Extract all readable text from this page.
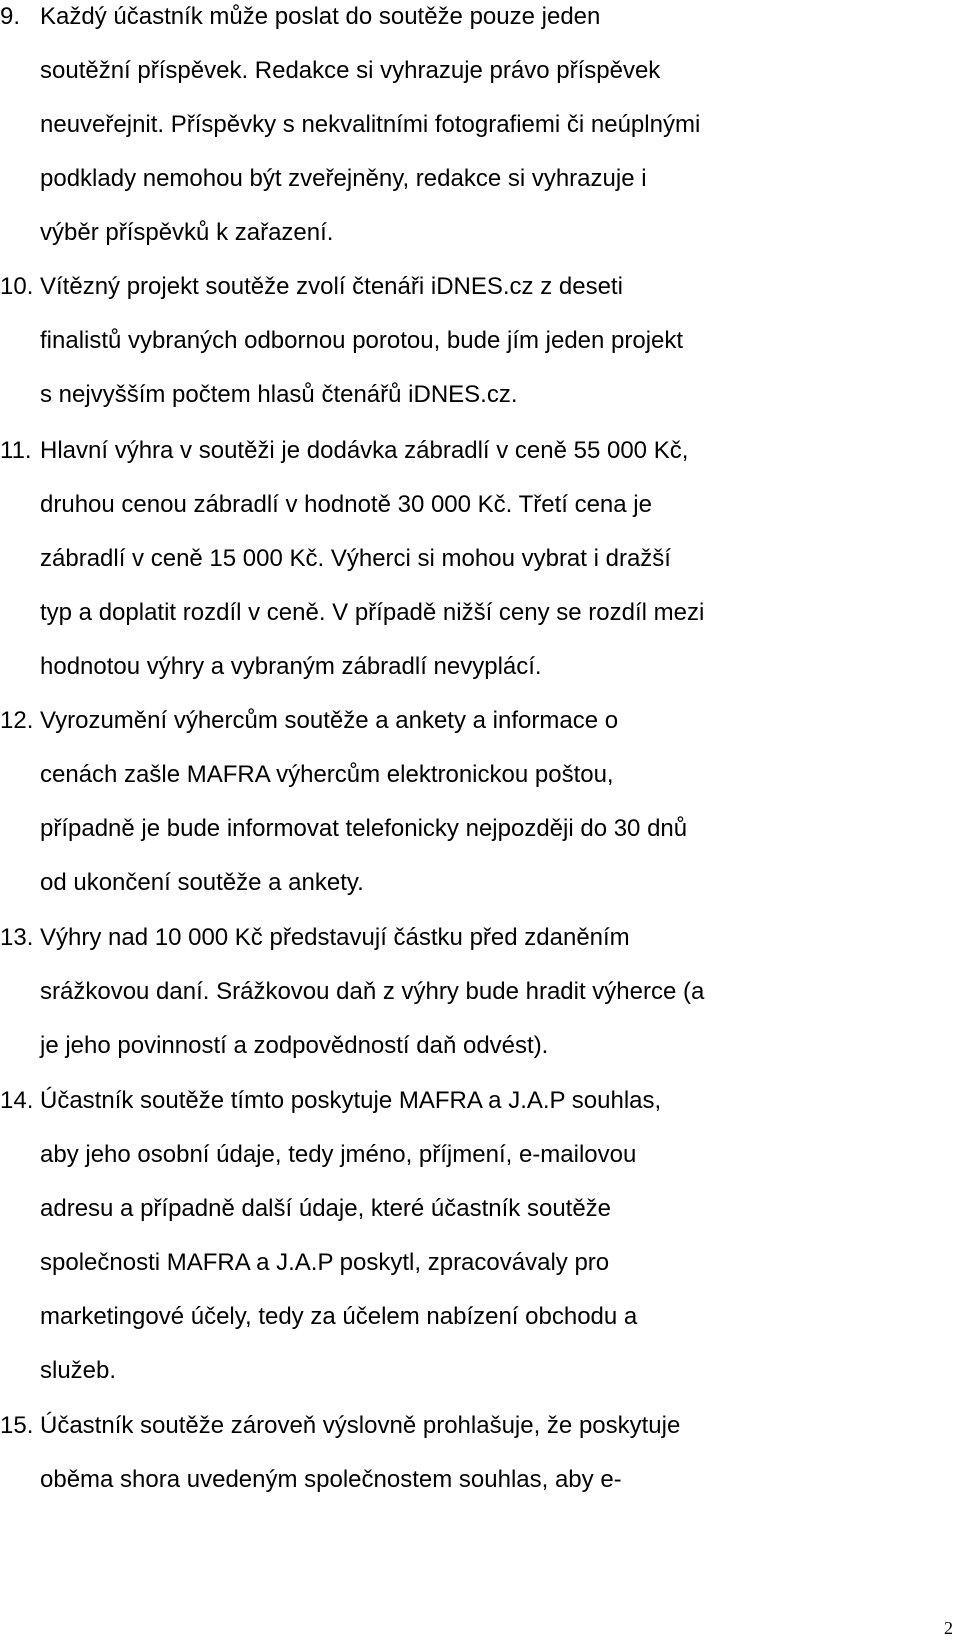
9. Každý účastník může poslat do soutěže pouze jeden
soutěžní příspěvek. Redakce si vyhrazuje právo příspěvek
neuveřejnit. Příspěvky s nekvalitními fotografiemi či neúplnými
podklady nemohou být zveřejněny, redakce si vyhrazuje i
výběr příspěvků k zařazení.
10. Vítězný projekt soutěže zvolí čtenáři iDNES.cz z deseti
finalistů vybraných odbornou porotou, bude jím jeden projekt
s nejvyšším počtem hlasů čtenářů iDNES.cz.
11. Hlavní výhra v soutěži je dodávka zábradlí v ceně 55 000 Kč,
druhou cenou zábradlí v hodnotě 30 000 Kč. Třetí cena je
zábradlí v ceně 15 000 Kč. Výherci si mohou vybrat i dražší
typ a doplatit rozdíl v ceně. V případě nižší ceny se rozdíl mezi
hodnotou výhry a vybraným zábradlí nevyplácí.
12. Vyrozumění výhercům soutěže a ankety a informace o
cenách zašle MAFRA výhercům elektronickou poštou,
případně je bude informovat telefonicky nejpozději do 30 dnů
od ukončení soutěže a ankety.
13. Výhry nad 10 000 Kč představují částku před zdaněním
srážkovou daní. Srážkovou daň z výhry bude hradit výherce (a
je jeho povinností a zodpovědností daň odvést).
14. Účastník soutěže tímto poskytuje MAFRA a J.A.P souhlas,
aby jeho osobní údaje, tedy jméno, příjmení, e-mailovou
adresu a případně další údaje, které účastník soutěže
společnosti MAFRA a J.A.P poskytl, zpracovávaly pro
marketingové účely, tedy za účelem nabízení obchodu a
služeb.
15. Účastník soutěže zároveň výslovně prohlašuje, že poskytuje
oběma shora uvedeným společnostem souhlas, aby e-
2
